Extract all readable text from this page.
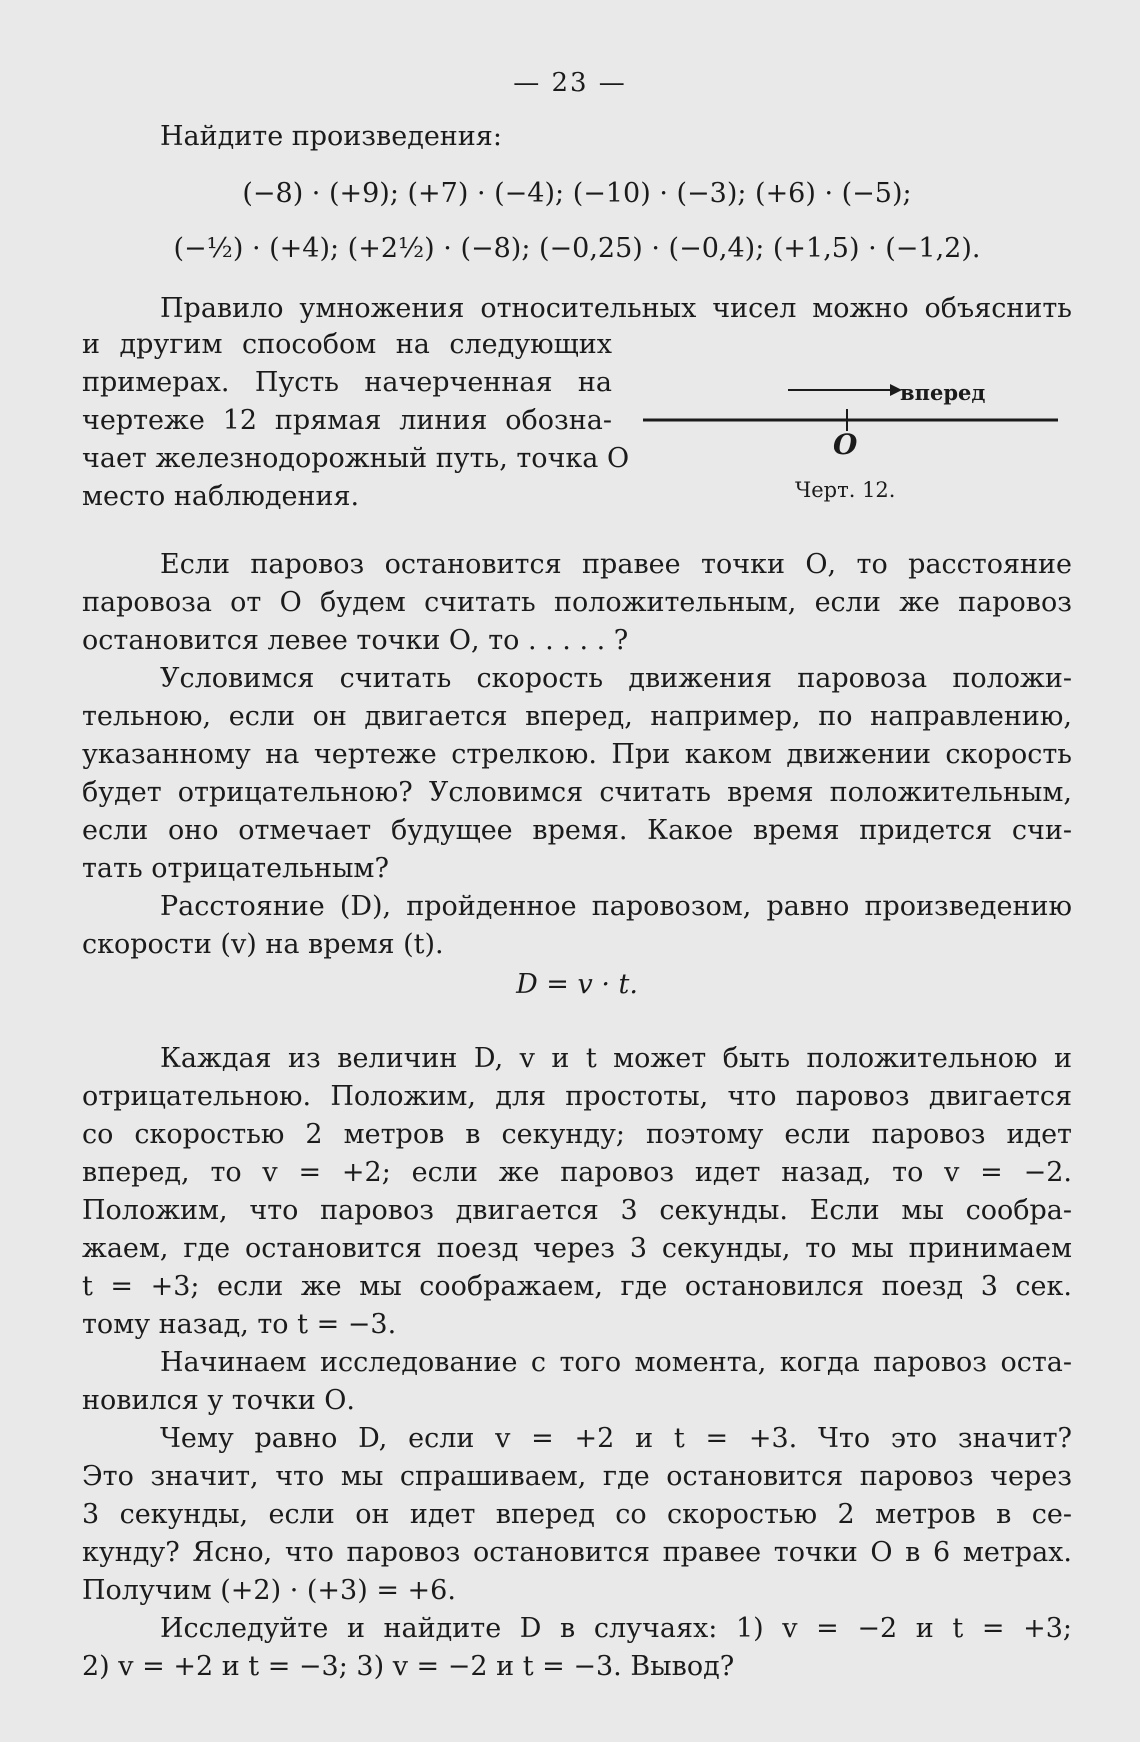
— 23 —
Найдите произведения:
(−8) · (+9); (+7) · (−4); (−10) · (−3); (+6) · (−5);
(−½) · (+4); (+2½) · (−8); (−0,25) · (−0,4); (+1,5) · (−1,2).
Правило умножения относительных чисел можно объяснить
и другим способом на следующих
примерах. Пусть начерченная на
чертеже 12 прямая линия обозна-
чает железнодорожный путь, точка О
место наблюдения.
вперед
O
Черт. 12.
Если паровоз остановится правее точки О, то расстояние
паровоза от О будем считать положительным, если же паровоз
остановится левее точки О, то . . . . . ?
Условимся считать скорость движения паровоза положи-
тельною, если он двигается вперед, например, по направлению,
указанному на чертеже стрелкою. При каком движении скорость
будет отрицательною? Условимся считать время положительным,
если оно отмечает будущее время. Какое время придется счи-
тать отрицательным?
Расстояние (D), пройденное паровозом, равно произведению
скорости (v) на время (t).
D = v · t.
Каждая из величин D, v и t может быть положительною и
отрицательною. Положим, для простоты, что паровоз двигается
со скоростью 2 метров в секунду; поэтому если паровоз идет
вперед, то v = +2; если же паровоз идет назад, то v = −2.
Положим, что паровоз двигается 3 секунды. Если мы сообра-
жаем, где остановится поезд через 3 секунды, то мы принимаем
t = +3; если же мы соображаем, где остановился поезд 3 сек.
тому назад, то t = −3.
Начинаем исследование с того момента, когда паровоз оста-
новился у точки О.
Чему равно D, если v = +2 и t = +3. Что это значит?
Это значит, что мы спрашиваем, где остановится паровоз через
3 секунды, если он идет вперед со скоростью 2 метров в се-
кунду? Ясно, что паровоз остановится правее точки О в 6 метрах.
Получим (+2) · (+3) = +6.
Исследуйте и найдите D в случаях: 1) v = −2 и t = +3;
2) v = +2 и t = −3; 3) v = −2 и t = −3. Вывод?
